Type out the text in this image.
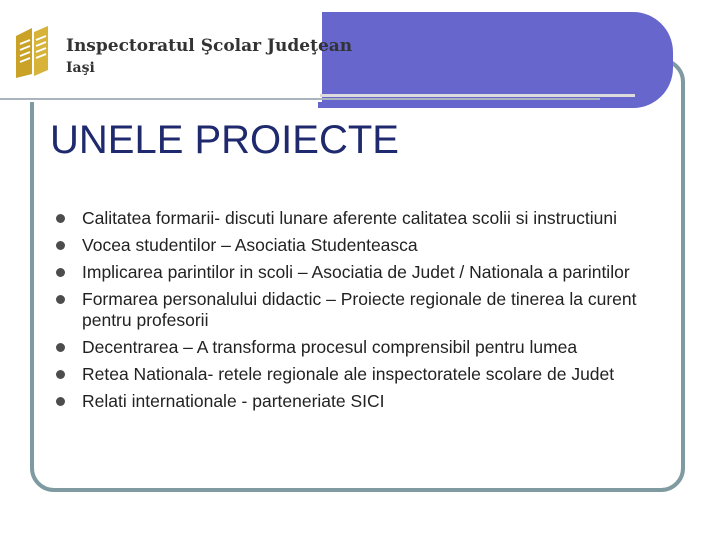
Inspectoratul Şcolar Judeţean
Iaşi
UNELE PROIECTE
Calitatea formarii- discuti lunare aferente calitatea scolii si instructiuni
Vocea studentilor – Asociatia Studenteasca
Implicarea parintilor in scoli – Asociatia de Judet / Nationala a parintilor
Formarea personalului didactic – Proiecte regionale de tinerea la curent pentru profesorii
Decentrarea – A transforma procesul comprensibil pentru lumea
Retea Nationala- retele regionale ale inspectoratele scolare de Judet
Relati internationale - parteneriate SICI
